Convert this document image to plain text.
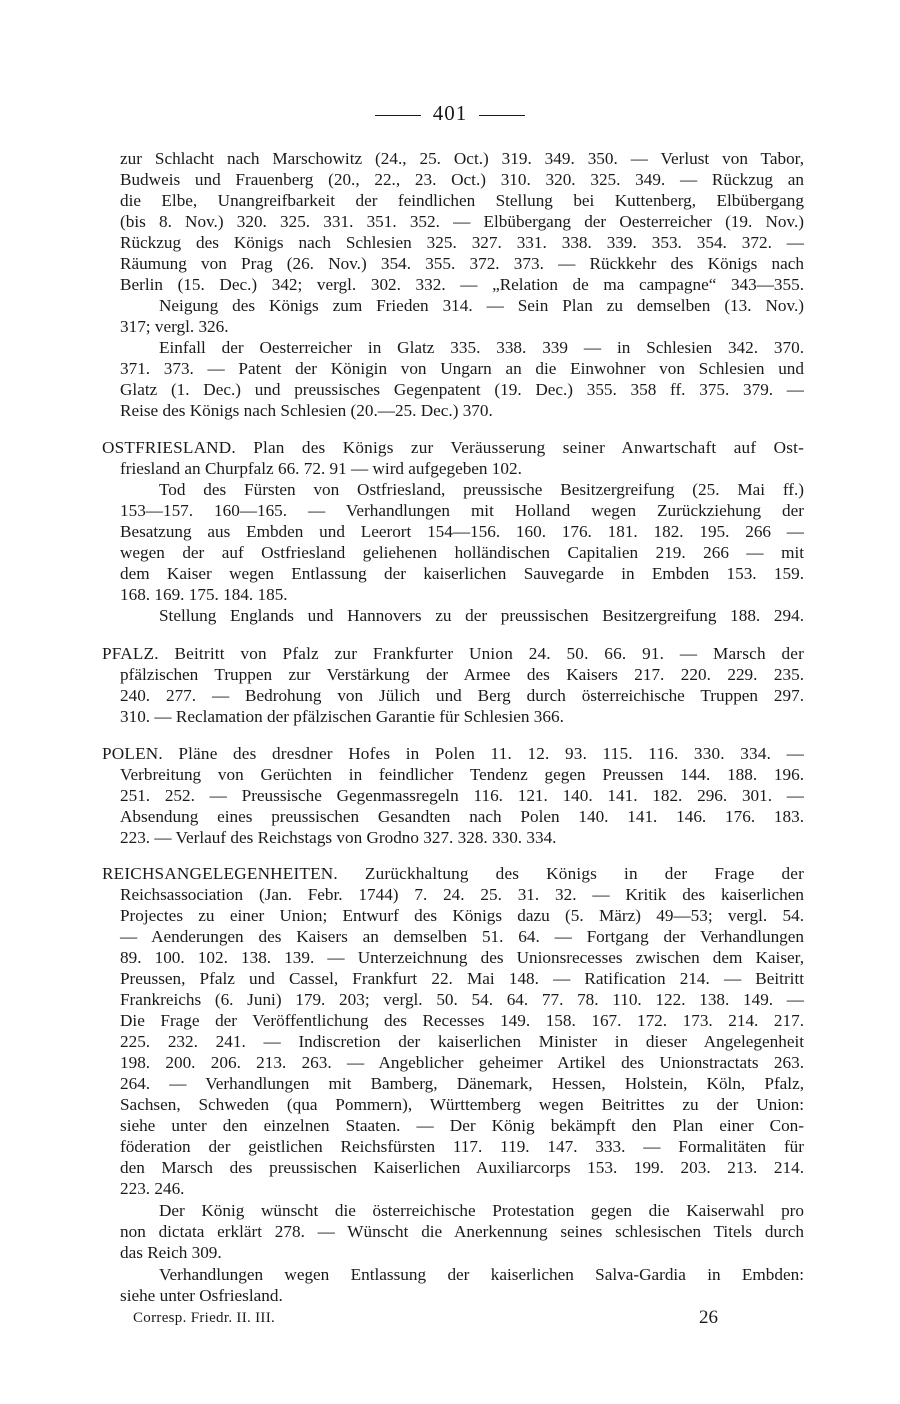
401
zur Schlacht nach Marschowitz (24., 25. Oct.) 319. 349. 350. — Verlust von Tabor,
Budweis und Frauenberg (20., 22., 23. Oct.) 310. 320. 325. 349. — Rückzug an
die Elbe, Unangreifbarkeit der feindlichen Stellung bei Kuttenberg, Elbübergang
(bis 8. Nov.) 320. 325. 331. 351. 352. — Elbübergang der Oesterreicher (19. Nov.)
Rückzug des Königs nach Schlesien 325. 327. 331. 338. 339. 353. 354. 372. —
Räumung von Prag (26. Nov.) 354. 355. 372. 373. — Rückkehr des Königs nach
Berlin (15. Dec.) 342; vergl. 302. 332. — „Relation de ma campagne“ 343—355.
Neigung des Königs zum Frieden 314. — Sein Plan zu demselben (13. Nov.)
317; vergl. 326.
Einfall der Oesterreicher in Glatz 335. 338. 339 — in Schlesien 342. 370.
371. 373. — Patent der Königin von Ungarn an die Einwohner von Schlesien und
Glatz (1. Dec.) und preussisches Gegenpatent (19. Dec.) 355. 358 ff. 375. 379. —
Reise des Königs nach Schlesien (20.—25. Dec.) 370.
OSTFRIESLAND. Plan des Königs zur Veräusserung seiner Anwartschaft auf Ost-
friesland an Churpfalz 66. 72. 91 — wird aufgegeben 102.
Tod des Fürsten von Ostfriesland, preussische Besitzergreifung (25. Mai ff.)
153—157. 160—165. — Verhandlungen mit Holland wegen Zurückziehung der
Besatzung aus Embden und Leerort 154—156. 160. 176. 181. 182. 195. 266 —
wegen der auf Ostfriesland geliehenen holländischen Capitalien 219. 266 — mit
dem Kaiser wegen Entlassung der kaiserlichen Sauvegarde in Embden 153. 159.
168. 169. 175. 184. 185.
Stellung Englands und Hannovers zu der preussischen Besitzergreifung 188. 294.
PFALZ. Beitritt von Pfalz zur Frankfurter Union 24. 50. 66. 91. — Marsch der
pfälzischen Truppen zur Verstärkung der Armee des Kaisers 217. 220. 229. 235.
240. 277. — Bedrohung von Jülich und Berg durch österreichische Truppen 297.
310. — Reclamation der pfälzischen Garantie für Schlesien 366.
POLEN. Pläne des dresdner Hofes in Polen 11. 12. 93. 115. 116. 330. 334. —
Verbreitung von Gerüchten in feindlicher Tendenz gegen Preussen 144. 188. 196.
251. 252. — Preussische Gegenmassregeln 116. 121. 140. 141. 182. 296. 301. —
Absendung eines preussischen Gesandten nach Polen 140. 141. 146. 176. 183.
223. — Verlauf des Reichstags von Grodno 327. 328. 330. 334.
REICHSANGELEGENHEITEN. Zurückhaltung des Königs in der Frage der
Reichsassociation (Jan. Febr. 1744) 7. 24. 25. 31. 32. — Kritik des kaiserlichen
Projectes zu einer Union; Entwurf des Königs dazu (5. März) 49—53; vergl. 54.
— Aenderungen des Kaisers an demselben 51. 64. — Fortgang der Verhandlungen
89. 100. 102. 138. 139. — Unterzeichnung des Unionsrecesses zwischen dem Kaiser,
Preussen, Pfalz und Cassel, Frankfurt 22. Mai 148. — Ratification 214. — Beitritt
Frankreichs (6. Juni) 179. 203; vergl. 50. 54. 64. 77. 78. 110. 122. 138. 149. —
Die Frage der Veröffentlichung des Recesses 149. 158. 167. 172. 173. 214. 217.
225. 232. 241. — Indiscretion der kaiserlichen Minister in dieser Angelegenheit
198. 200. 206. 213. 263. — Angeblicher geheimer Artikel des Unionstractats 263.
264. — Verhandlungen mit Bamberg, Dänemark, Hessen, Holstein, Köln, Pfalz,
Sachsen, Schweden (qua Pommern), Württemberg wegen Beitrittes zu der Union:
siehe unter den einzelnen Staaten. — Der König bekämpft den Plan einer Con-
föderation der geistlichen Reichsfürsten 117. 119. 147. 333. — Formalitäten für
den Marsch des preussischen Kaiserlichen Auxiliarcorps 153. 199. 203. 213. 214.
223. 246.
Der König wünscht die österreichische Protestation gegen die Kaiserwahl pro
non dictata erklärt 278. — Wünscht die Anerkennung seines schlesischen Titels durch
das Reich 309.
Verhandlungen wegen Entlassung der kaiserlichen Salva-Gardia in Embden:
siehe unter Osfriesland.
Corresp. Friedr. II. III.	26
